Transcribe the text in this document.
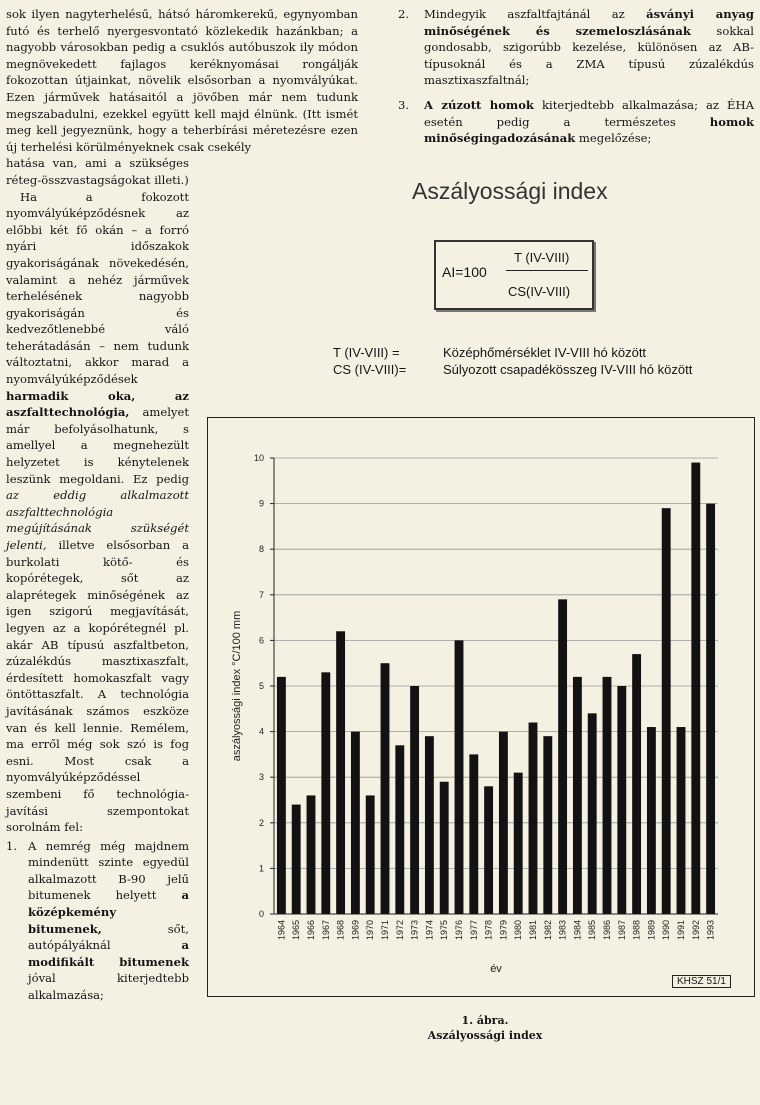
sok ilyen nagyterhelésű, hátsó háromkerekű, egynyomban futó és terhelő nyergesvontató közlekedik hazánkban; a nagyobb városokban pedig a csuklós autóbuszok ily módon megnövekedett fajlagos keréknyomásai rongálják fokozottan útjainkat, növelik elsősorban a nyomvályúkat. Ezen járművek hatásaitól a jövőben már nem tudunk megszabadulni, ezekkel együtt kell majd élnünk. (Itt ismét meg kell jegyeznünk, hogy a teherbírási méretezésre ezen új terhelési körülményeknek csak csekély

hatása van, ami a szükséges réteg-összvastagságokat illeti.)

Ha a fokozott nyomvályúképződésnek az előbbi két fő okán – a forró nyári időszakok gyakoriságának növekedésén, valamint a nehéz járművek terhelésének nagyobb gyakoriságán és kedvezőtlenebbé váló teherátadásán – nem tudunk változtatni, akkor marad a nyomvályúképződések harmadik oka, az aszfalttechnológia, amelyet már befolyásolhatunk, s amellyel a megnehezült helyzetet is kénytelenek leszünk megoldani. Ez pedig az eddig alkalmazott aszfalttechnológia megújításának szükségét jelenti, illetve elsősorban a burkolati kötő- és kopórétegek, sőt az alaprétegek minőségének az igen szigorú megjavítását, legyen az a kopórétegnél pl. akár AB típusú aszfaltbeton, zúzalékdús masztixaszfalt, érdesített homokaszfalt vagy öntöttaszfalt. A technológia javításának számos eszköze van és kell lennie. Remélem, ma erről még sok szó is fog esni. Most csak a nyomvályúképződéssel szembeni fő technológia-javítási szempontokat sorolnám fel:

1. A nemrég még majdnem mindenütt szinte egyedül alkalmazott B-90 jelű bitumenek helyett a középkemény bitumenek, sőt, autópályáknál a modifikált bitumenek jóval kiterjedtebb alkalmazása;
2.	Mindegyik aszfaltfajtánál az ásványi anyag minőségének és szemeloszlásának sokkal gondosabb, szigorúbb kezelése, különösen az AB-típusoknál és a ZMA típusú zúzalékdús masztixaszfaltnál;
3.	A zúzott homok kiterjedtebb alkalmazása; az ÉHA esetén pedig a természetes homok minőségingadozásának megelőzése;
Aszályossági index
AI=100
T (IV-VIII)
CS(IV-VIII)
T (IV-VIII) =	Középhőmérséklet IV-VIII hó között
CS (IV-VIII)=	Súlyozott csapadékösszeg IV-VIII hó között
0
1
2
3
4
5
6
7
8
9
10
1964 1965 1966 1967 1968 1969 1970 1971 1972 1973 1974 1975 1976 1977 1978 1979 1980 1981 1982 1983 1984 1985 1986 1987 1988 1989 1990 1991 1992 1993
év
aszályossági index °C/100 mm
KHSZ 51/1
1. ábra.
Aszályossági index
